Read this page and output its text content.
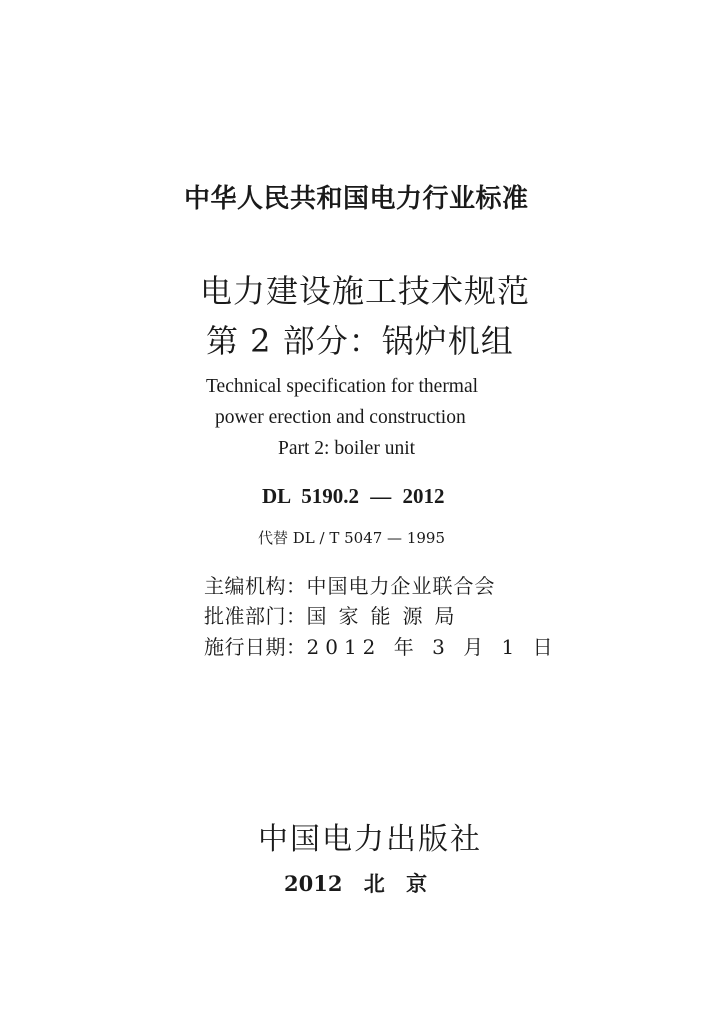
中华人民共和国电力行业标准
电力建设施工技术规范
第 2 部分：锅炉机组
Technical specification for thermal
power erection and construction
Part 2: boiler unit
DL 5190.2 — 2012
代替 DL / T 5047 — 1995
主编机构：中国电力企业联合会
批准部门：国家能源局
施行日期：2012 年 3 月 1 日
中国电力出版社
2012 北 京
